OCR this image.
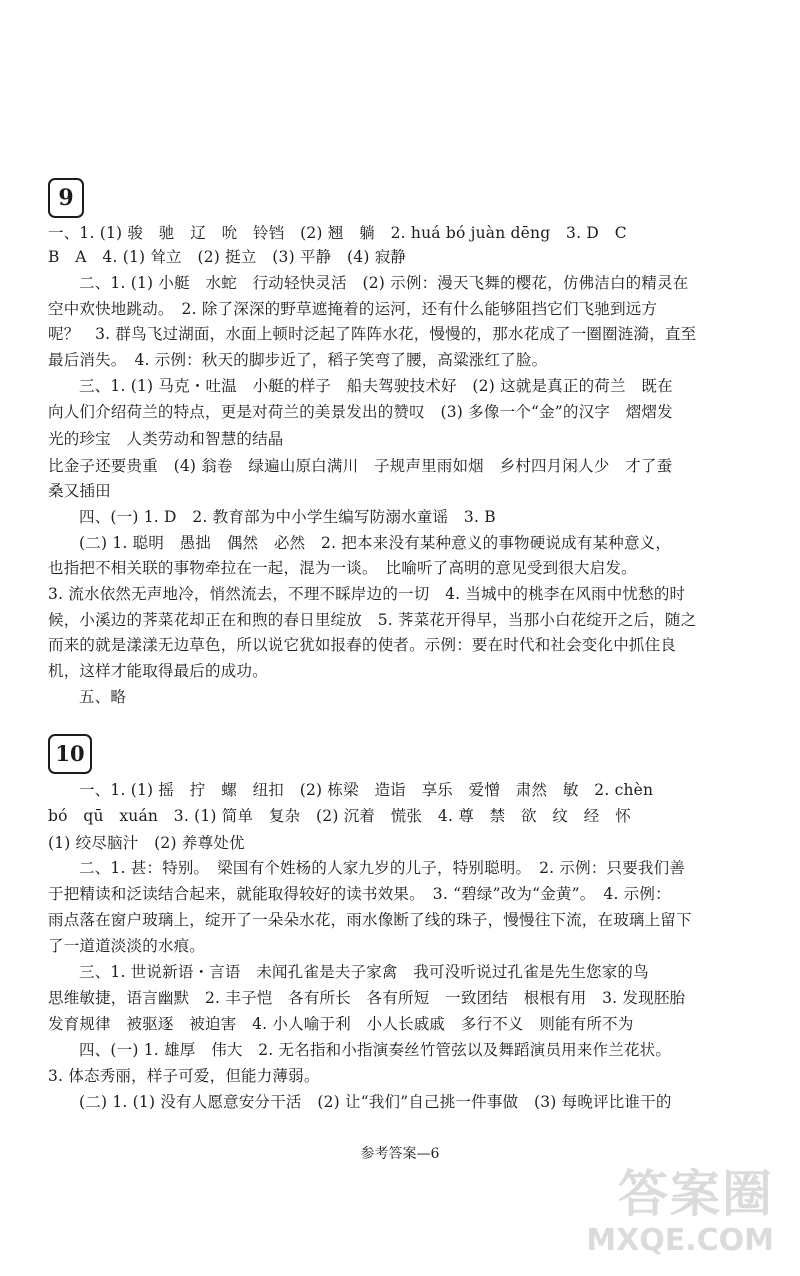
9
一、1. (1) 骏　驰　辽　吮　铃铛　(2) 翘　躺　2. huá bó juàn dēng　3. D　C
B　A　4. (1) 耸立　(2) 挺立　(3) 平静　(4) 寂静
二、1. (1) 小艇　水蛇　行动轻快灵活　(2) 示例：漫天飞舞的樱花，仿佛洁白的精灵在
空中欢快地跳动。　2. 除了深深的野草遮掩着的运河，还有什么能够阻挡它们飞驰到远方
呢？　3. 群鸟飞过湖面，水面上顿时泛起了阵阵水花，慢慢的，那水花成了一圈圈涟漪，直至
最后消失。　4. 示例：秋天的脚步近了，稻子笑弯了腰，高粱涨红了脸。
三、1. (1) 马克・吐温　小艇的样子　船夫驾驶技术好　(2) 这就是真正的荷兰　既在
向人们介绍荷兰的特点，更是对荷兰的美景发出的赞叹　(3) 多像一个“金”的汉字　熠熠发
光的珍宝　人类劳动和智慧的结晶
比金子还要贵重　(4) 翁卷　绿遍山原白满川　子规声里雨如烟　乡村四月闲人少　才了蚕
桑又插田
四、(一) 1. D　2. 教育部为中小学生编写防溺水童谣　3. B
(二) 1. 聪明　愚拙　偶然　必然　2. 把本来没有某种意义的事物硬说成有某种意义，
也指把不相关联的事物牵拉在一起，混为一谈。　比喻听了高明的意见受到很大启发。
3. 流水依然无声地冷，悄然流去，不理不睬岸边的一切　4. 当城中的桃李在风雨中忧愁的时
候，小溪边的荠菜花却正在和煦的春日里绽放　5. 荠菜花开得早，当那小白花绽开之后，随之
而来的就是漾漾无边草色，所以说它犹如报春的使者。示例：要在时代和社会变化中抓住良
机，这样才能取得最后的成功。
五、略
10
一、1. (1) 摇　拧　螺　纽扣　(2) 栋梁　造诣　享乐　爱憎　肃然　敏　2. chèn
bó　qū　xuán　3. (1) 简单　复杂　(2) 沉着　慌张　4. 尊　禁　欲　纹　经　怀
(1) 绞尽脑汁　(2) 养尊处优
二、1. 甚：特别。　梁国有个姓杨的人家九岁的儿子，特别聪明。　2. 示例：只要我们善
于把精读和泛读结合起来，就能取得较好的读书效果。　3. “碧绿”改为“金黄”。　4. 示例：
雨点落在窗户玻璃上，绽开了一朵朵水花，雨水像断了线的珠子，慢慢往下流，在玻璃上留下
了一道道淡淡的水痕。
三、1. 世说新语・言语　未闻孔雀是夫子家禽　我可没听说过孔雀是先生您家的鸟
思维敏捷，语言幽默　2. 丰子恺　各有所长　各有所短　一致团结　根根有用　3. 发现胚胎
发育规律　被驱逐　被迫害　4. 小人喻于利　小人长戚戚　多行不义　则能有所不为
四、(一) 1. 雄厚　伟大　2. 无名指和小指演奏丝竹管弦以及舞蹈演员用来作兰花状。
3. 体态秀丽，样子可爱，但能力薄弱。
(二) 1. (1) 没有人愿意安分干活　(2) 让“我们”自己挑一件事做　(3) 每晚评比谁干的
参考答案—6
答案圈
MXQE.COM
